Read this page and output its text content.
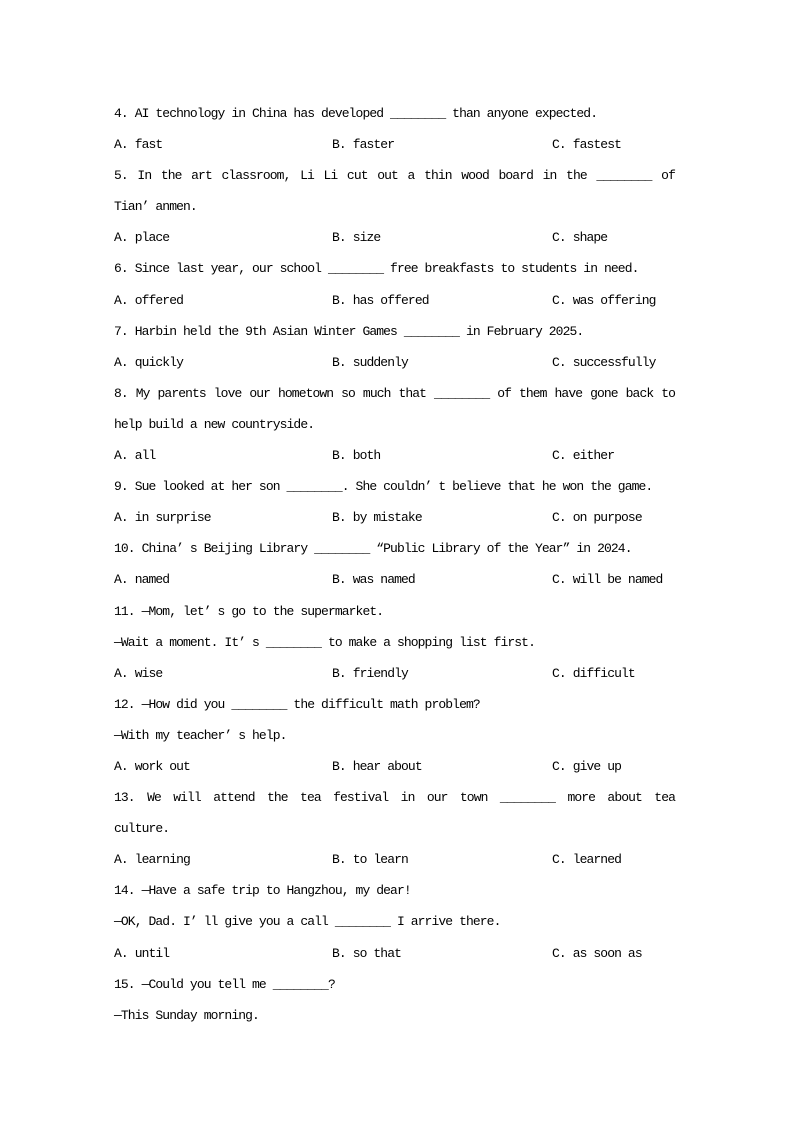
4. AI technology in China has developed ________ than anyone expected.
A. fast	B. faster	C. fastest
5. In the art classroom, Li Li cut out a thin wood board in the ________ of
Tian’ anmen.
A. place	B. size	C. shape
6. Since last year, our school ________ free breakfasts to students in need.
A. offered	B. has offered	C. was offering
7. Harbin held the 9th Asian Winter Games ________ in February 2025.
A. quickly	B. suddenly	C. successfully
8. My parents love our hometown so much that ________ of them have gone back to
help build a new countryside.
A. all	B. both	C. either
9. Sue looked at her son ________. She couldn’ t believe that he won the game.
A. in surprise	B. by mistake	C. on purpose
10. China’ s Beijing Library ________ “Public Library of the Year” in 2024.
A. named	B. was named	C. will be named
11. —Mom, let’ s go to the supermarket.
—Wait a moment. It’ s ________ to make a shopping list first.
A. wise	B. friendly	C. difficult
12. —How did you ________ the difficult math problem?
—With my teacher’ s help.
A. work out	B. hear about	C. give up
13. We will attend the tea festival in our town ________ more about tea
culture.
A. learning	B. to learn	C. learned
14. —Have a safe trip to Hangzhou, my dear!
—OK, Dad. I’ ll give you a call ________ I arrive there.
A. until	B. so that	C. as soon as
15. —Could you tell me ________?
—This Sunday morning.
